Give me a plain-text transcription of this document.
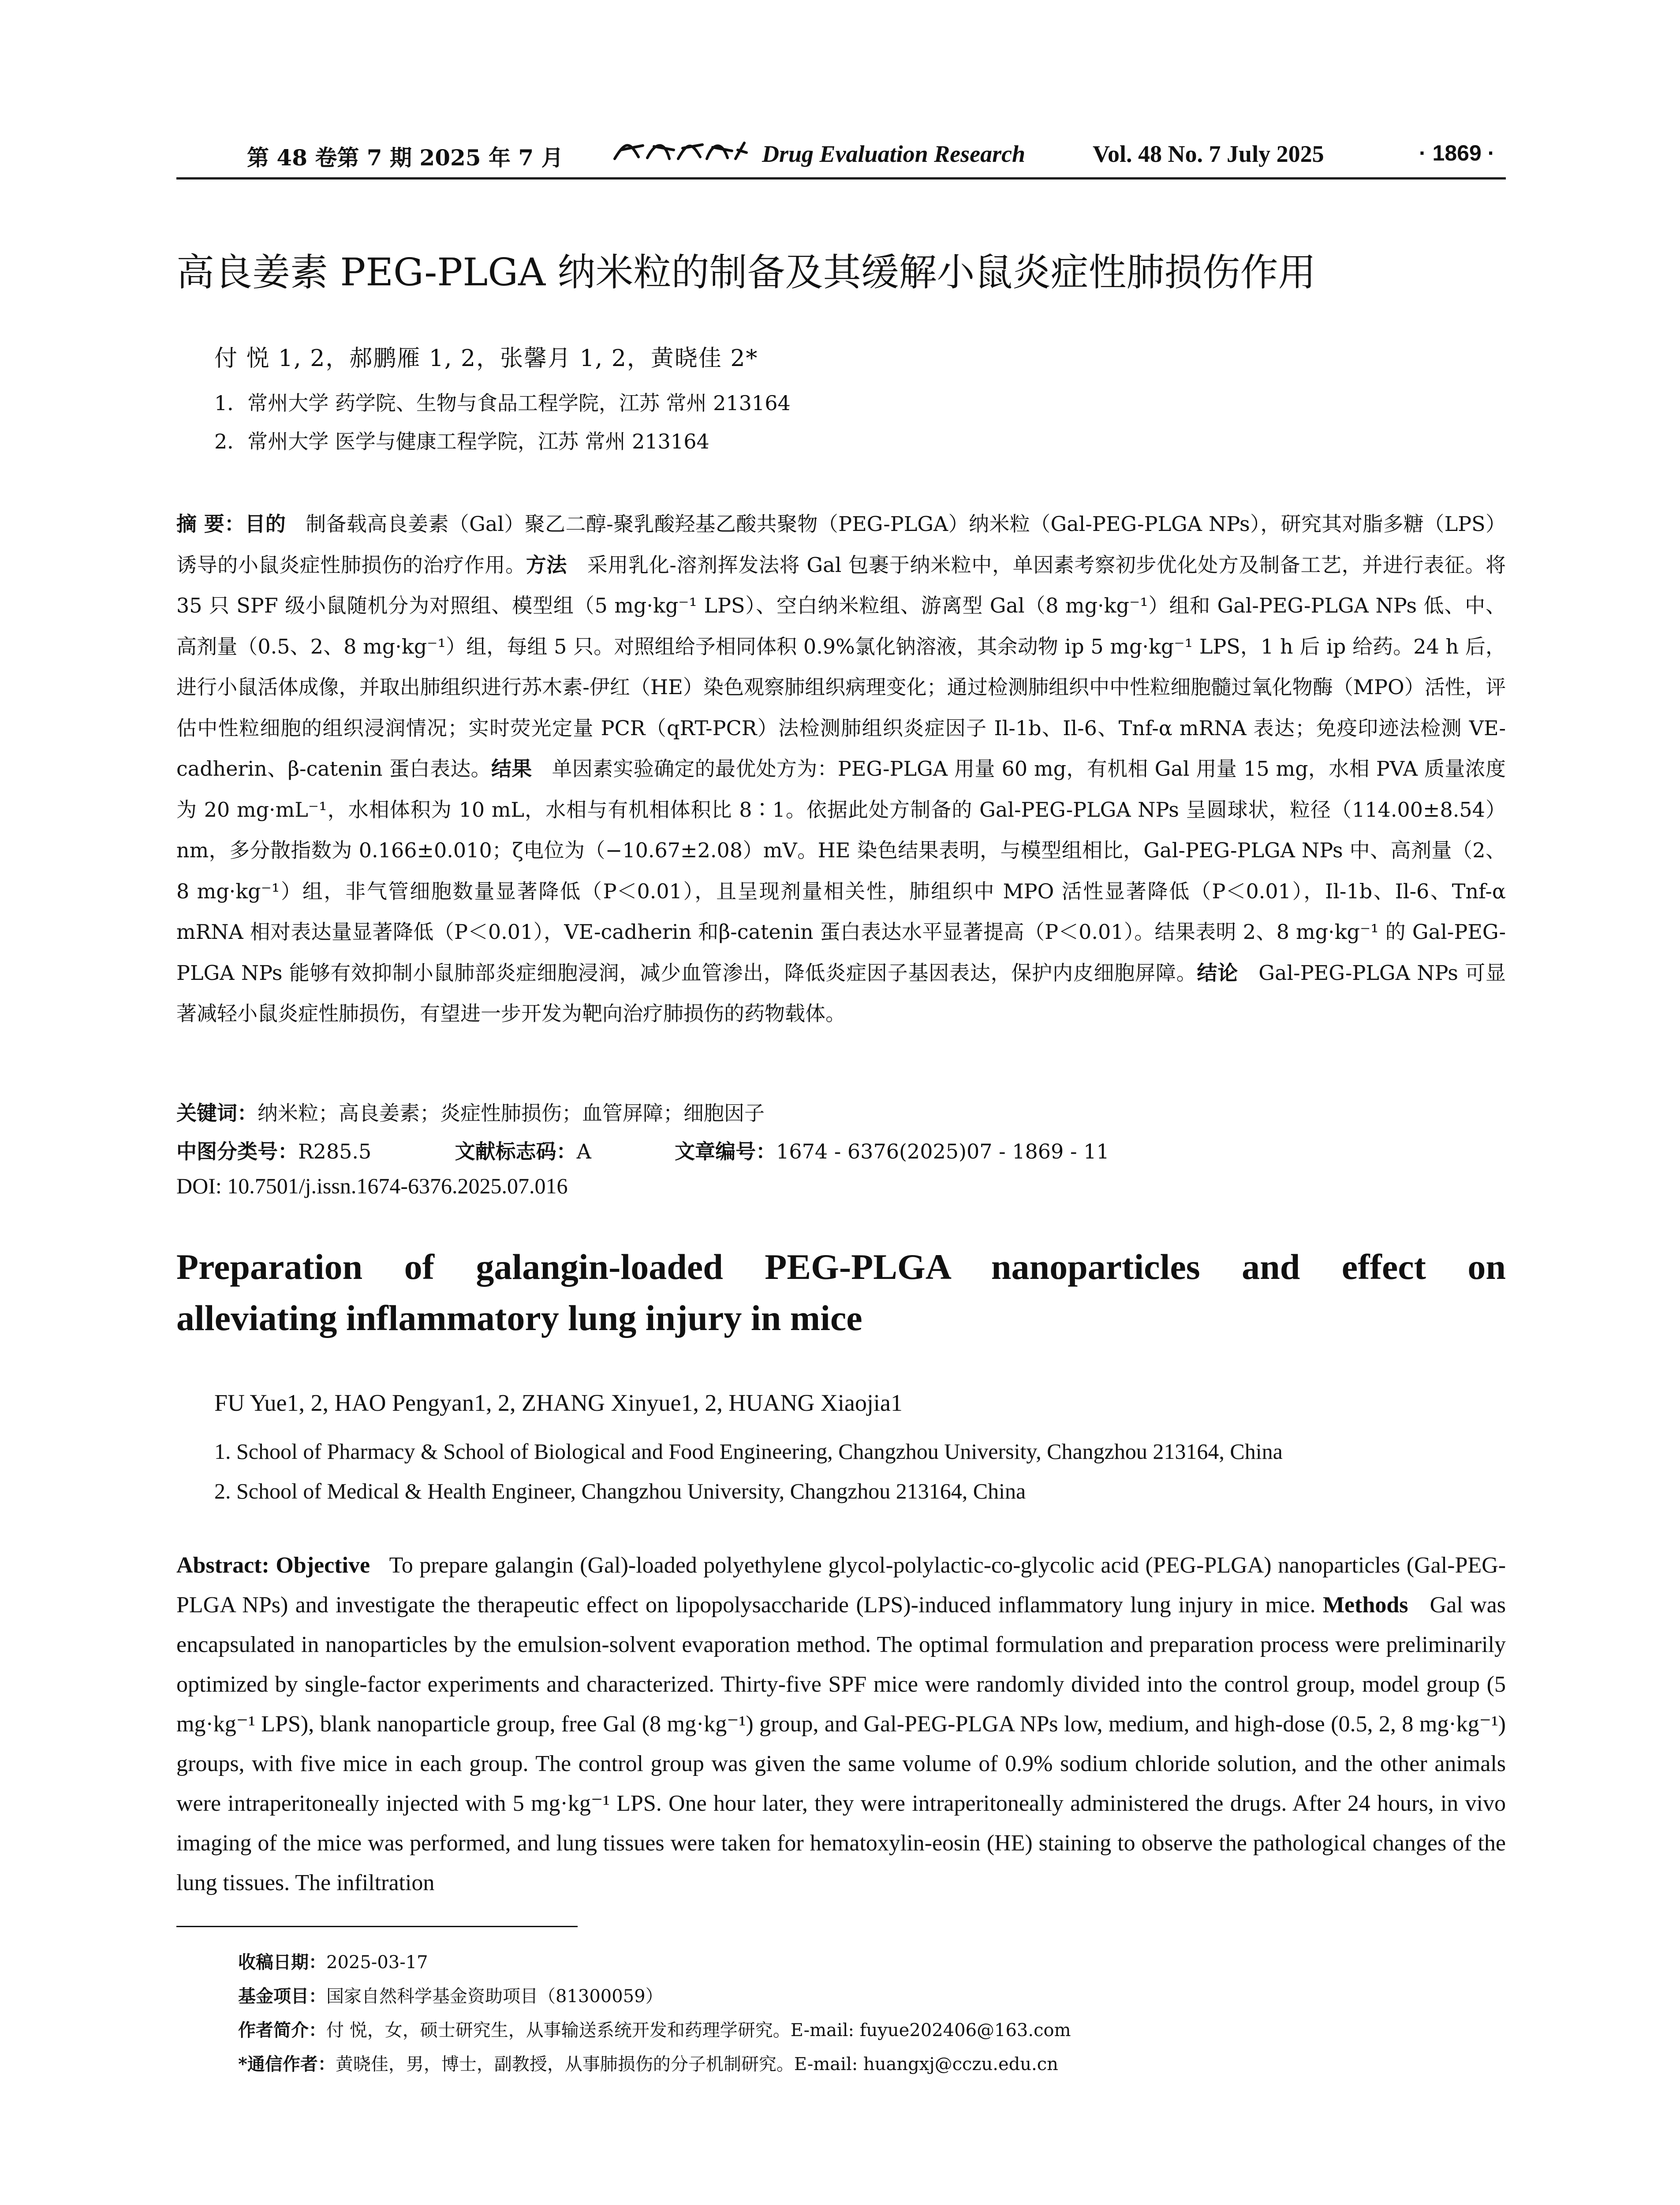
第 48 卷第 7 期 2025 年 7 月	Drug Evaluation Research	Vol. 48 No. 7 July 2025	· 1869 ·
高良姜素 PEG-PLGA 纳米粒的制备及其缓解小鼠炎症性肺损伤作用
付 悦 1, 2，郝鹏雁 1, 2，张馨月 1, 2，黄晓佳 2*
1．常州大学 药学院、生物与食品工程学院，江苏 常州 213164
2．常州大学 医学与健康工程学院，江苏 常州 213164
摘 要：目的 制备载高良姜素（Gal）聚乙二醇-聚乳酸羟基乙酸共聚物（PEG-PLGA）纳米粒（Gal-PEG-PLGA NPs），研究其对脂多糖（LPS）诱导的小鼠炎症性肺损伤的治疗作用。方法 采用乳化-溶剂挥发法将 Gal 包裹于纳米粒中，单因素考察初步优化处方及制备工艺，并进行表征。将 35 只 SPF 级小鼠随机分为对照组、模型组（5 mg·kg⁻¹ LPS）、空白纳米粒组、游离型 Gal（8 mg·kg⁻¹）组和 Gal-PEG-PLGA NPs 低、中、高剂量（0.5、2、8 mg·kg⁻¹）组，每组 5 只。对照组给予相同体积 0.9%氯化钠溶液，其余动物 ip 5 mg·kg⁻¹ LPS，1 h 后 ip 给药。24 h 后，进行小鼠活体成像，并取出肺组织进行苏木素-伊红（HE）染色观察肺组织病理变化；通过检测肺组织中中性粒细胞髓过氧化物酶（MPO）活性，评估中性粒细胞的组织浸润情况；实时荧光定量 PCR（qRT-PCR）法检测肺组织炎症因子 Il-1b、Il-6、Tnf-α mRNA 表达；免疫印迹法检测 VE-cadherin、β-catenin 蛋白表达。结果 单因素实验确定的最优处方为：PEG-PLGA 用量 60 mg，有机相 Gal 用量 15 mg，水相 PVA 质量浓度为 20 mg·mL⁻¹，水相体积为 10 mL，水相与有机相体积比 8∶1。依据此处方制备的 Gal-PEG-PLGA NPs 呈圆球状，粒径（114.00±8.54）nm，多分散指数为 0.166±0.010；ζ电位为（−10.67±2.08）mV。HE 染色结果表明，与模型组相比，Gal-PEG-PLGA NPs 中、高剂量（2、8 mg·kg⁻¹）组，非气管细胞数量显著降低（P＜0.01），且呈现剂量相关性，肺组织中 MPO 活性显著降低（P＜0.01），Il-1b、Il-6、Tnf-α mRNA 相对表达量显著降低（P＜0.01），VE-cadherin 和β-catenin 蛋白表达水平显著提高（P＜0.01）。结果表明 2、8 mg·kg⁻¹ 的 Gal-PEG-PLGA NPs 能够有效抑制小鼠肺部炎症细胞浸润，减少血管渗出，降低炎症因子基因表达，保护内皮细胞屏障。结论 Gal-PEG-PLGA NPs 可显著减轻小鼠炎症性肺损伤，有望进一步开发为靶向治疗肺损伤的药物载体。
关键词：纳米粒；高良姜素；炎症性肺损伤；血管屏障；细胞因子
中图分类号：R285.5	文献标志码：A	文章编号：1674 - 6376(2025)07 - 1869 - 11
DOI: 10.7501/j.issn.1674-6376.2025.07.016
Preparation of galangin-loaded PEG-PLGA nanoparticles and effect on
alleviating inflammatory lung injury in mice
FU Yue1, 2, HAO Pengyan1, 2, ZHANG Xinyue1, 2, HUANG Xiaojia1
1. School of Pharmacy & School of Biological and Food Engineering, Changzhou University, Changzhou 213164, China
2. School of Medical & Health Engineer, Changzhou University, Changzhou 213164, China
Abstract: Objective To prepare galangin (Gal)-loaded polyethylene glycol-polylactic-co-glycolic acid (PEG-PLGA) nanoparticles (Gal-PEG-PLGA NPs) and investigate the therapeutic effect on lipopolysaccharide (LPS)-induced inflammatory lung injury in mice. Methods Gal was encapsulated in nanoparticles by the emulsion-solvent evaporation method. The optimal formulation and preparation process were preliminarily optimized by single-factor experiments and characterized. Thirty-five SPF mice were randomly divided into the control group, model group (5 mg·kg⁻¹ LPS), blank nanoparticle group, free Gal (8 mg·kg⁻¹) group, and Gal-PEG-PLGA NPs low, medium, and high-dose (0.5, 2, 8 mg·kg⁻¹) groups, with five mice in each group. The control group was given the same volume of 0.9% sodium chloride solution, and the other animals were intraperitoneally injected with 5 mg·kg⁻¹ LPS. One hour later, they were intraperitoneally administered the drugs. After 24 hours, in vivo imaging of the mice was performed, and lung tissues were taken for hematoxylin-eosin (HE) staining to observe the pathological changes of the lung tissues. The infiltration
收稿日期：2025-03-17
基金项目：国家自然科学基金资助项目（81300059）
作者简介：付 悦，女，硕士研究生，从事输送系统开发和药理学研究。E-mail: fuyue202406@163.com
*通信作者：黄晓佳，男，博士，副教授，从事肺损伤的分子机制研究。E-mail: huangxj@cczu.edu.cn
